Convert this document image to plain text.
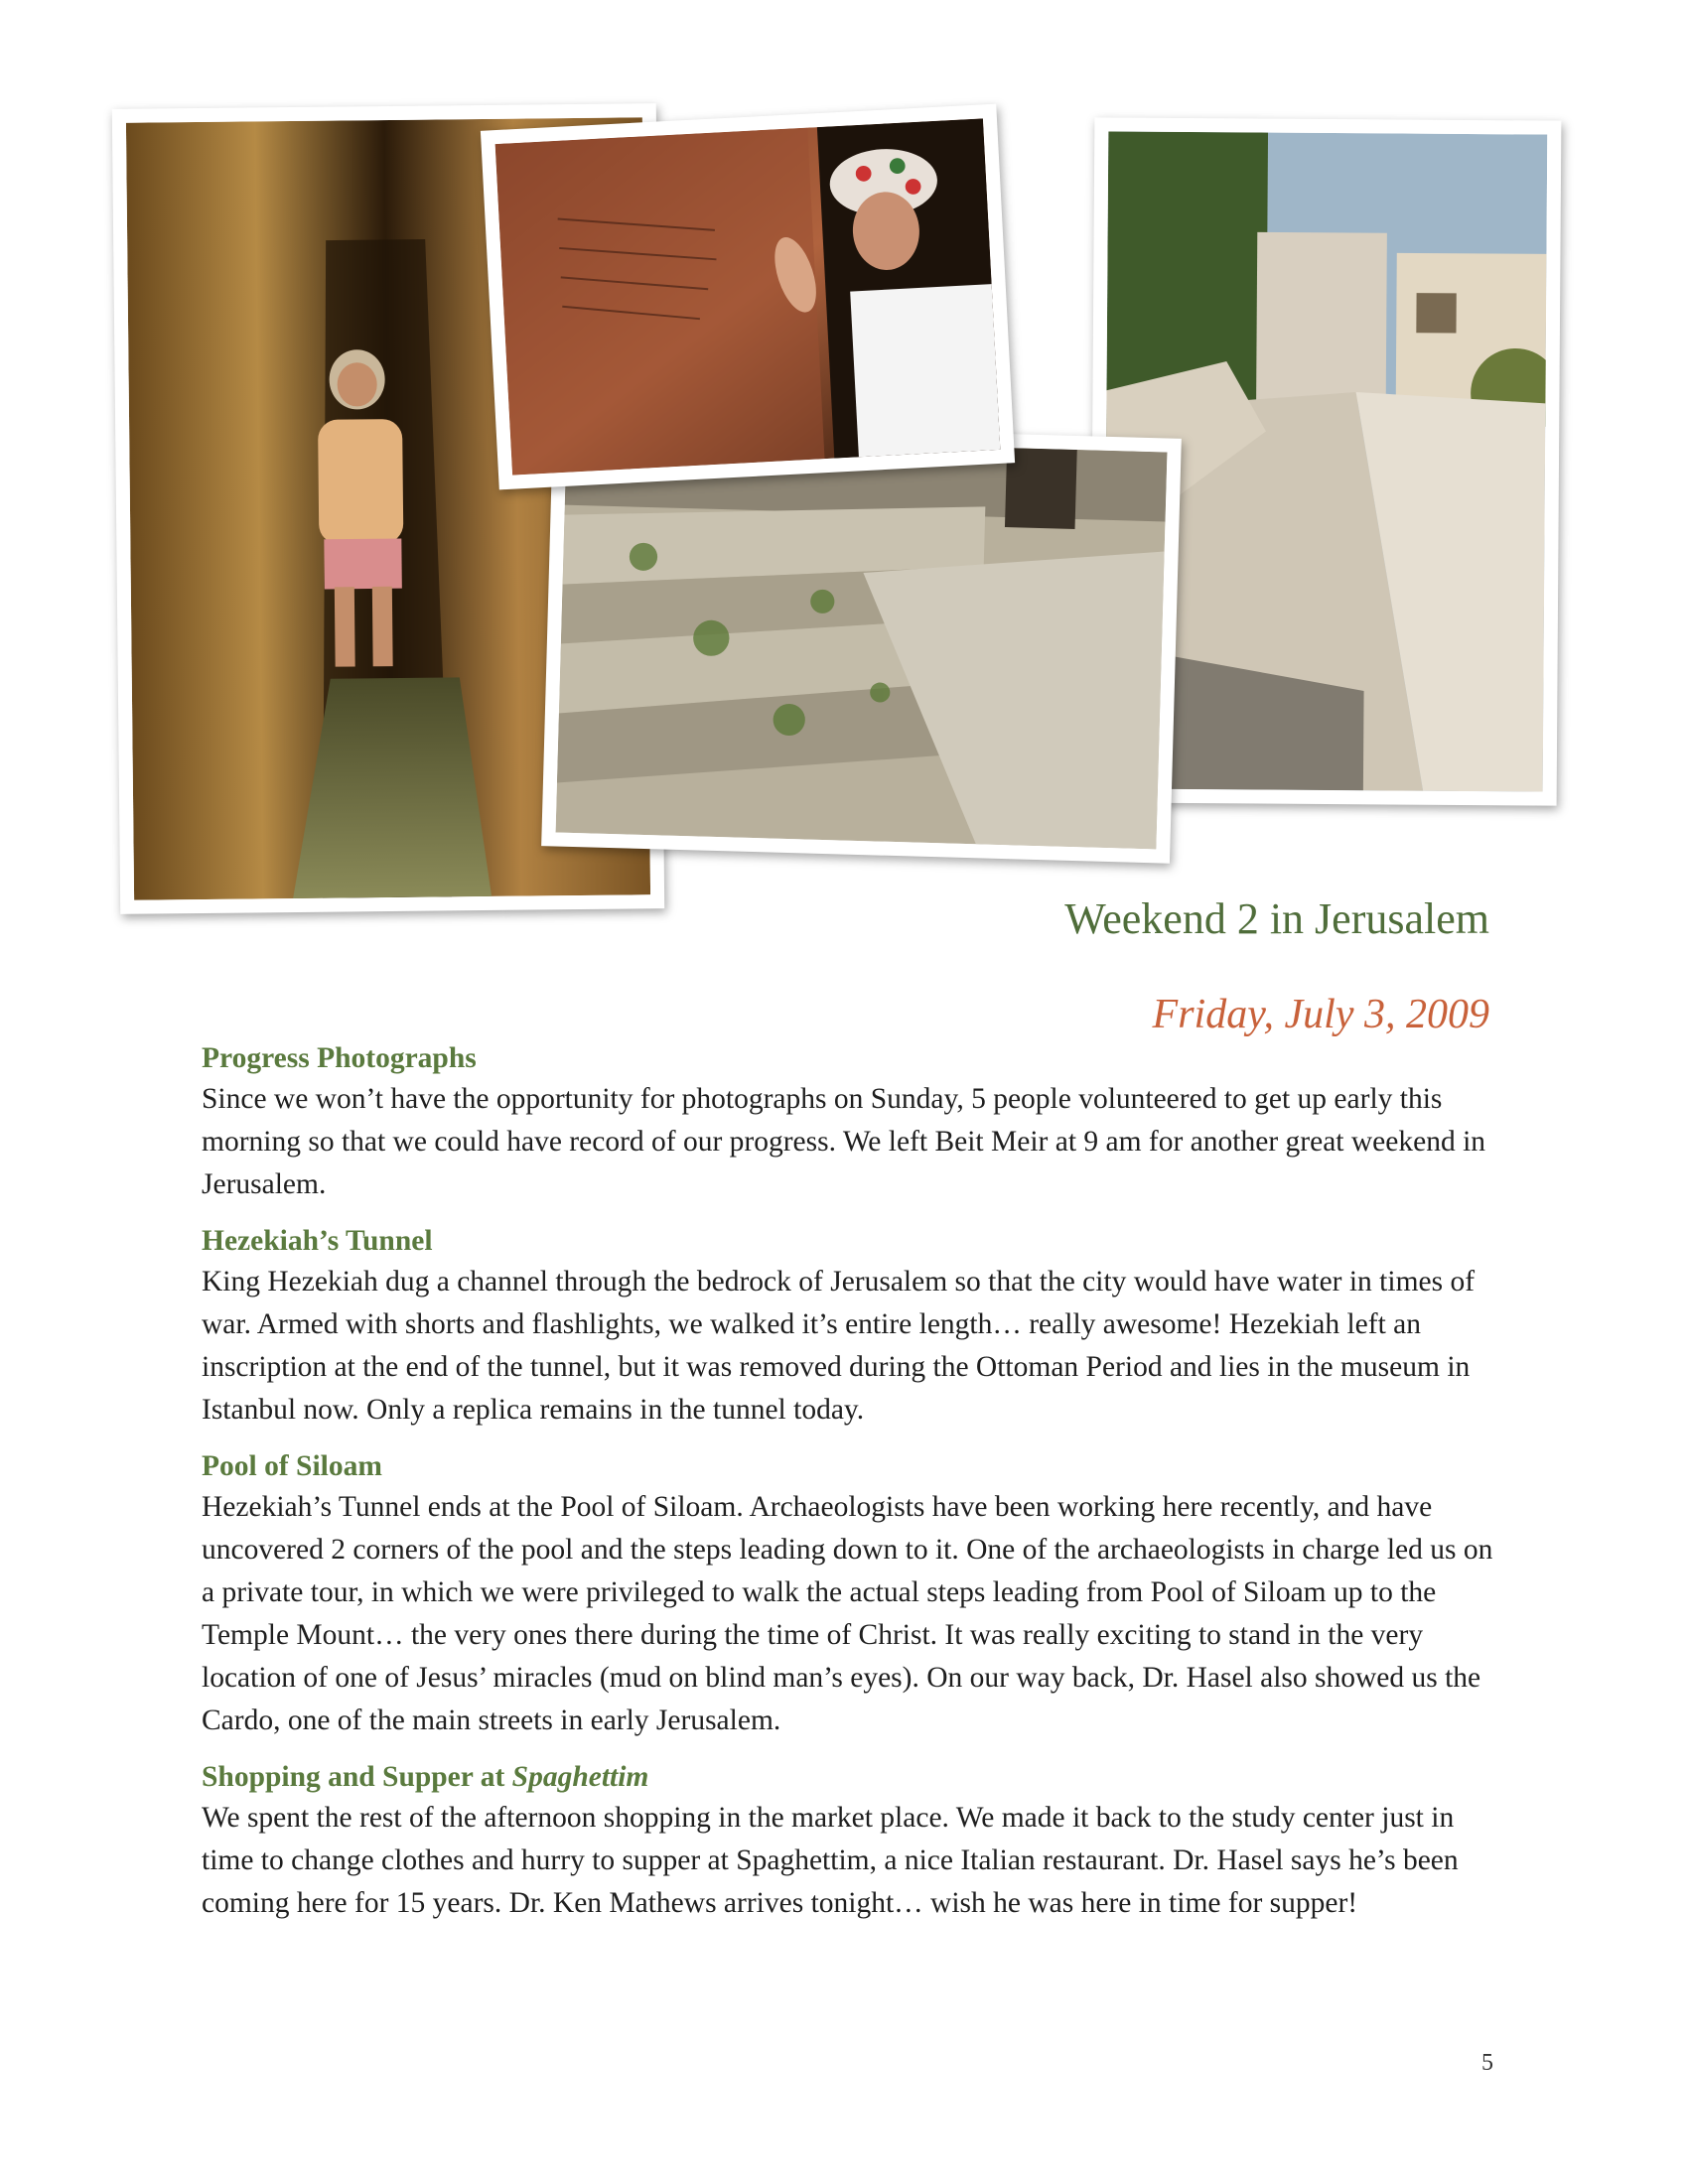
Weekend 2 in Jerusalem
Friday, July 3, 2009
Progress Photographs

Since we won’t have the opportunity for photographs on Sunday, 5 people volunteered to get up early this morning so that we could have record of our progress. We left Beit Meir at 9 am for another great weekend in Jerusalem.

Hezekiah’s Tunnel

King Hezekiah dug a channel through the bedrock of Jerusalem so that the city would have water in times of war. Armed with shorts and flashlights, we walked it’s entire length… really awesome! Hezekiah left an inscription at the end of the tunnel, but it was removed during the Ottoman Period and lies in the museum in Istanbul now. Only a replica remains in the tunnel today.

Pool of Siloam

Hezekiah’s Tunnel ends at the Pool of Siloam. Archaeologists have been working here recently, and have uncovered 2 corners of the pool and the steps leading down to it. One of the archaeologists in charge led us on a private tour, in which we were privileged to walk the actual steps leading from Pool of Siloam up to the Temple Mount… the very ones there during the time of Christ. It was really exciting to stand in the very location of one of Jesus’ miracles (mud on blind man’s eyes). On our way back, Dr. Hasel also showed us the Cardo, one of the main streets in early Jerusalem.

Shopping and Supper at Spaghettim

We spent the rest of the afternoon shopping in the market place. We made it back to the study center just in time to change clothes and hurry to supper at Spaghettim, a nice Italian restaurant. Dr. Hasel says he’s been coming here for 15 years. Dr. Ken Mathews arrives tonight… wish he was here in time for supper!

5
